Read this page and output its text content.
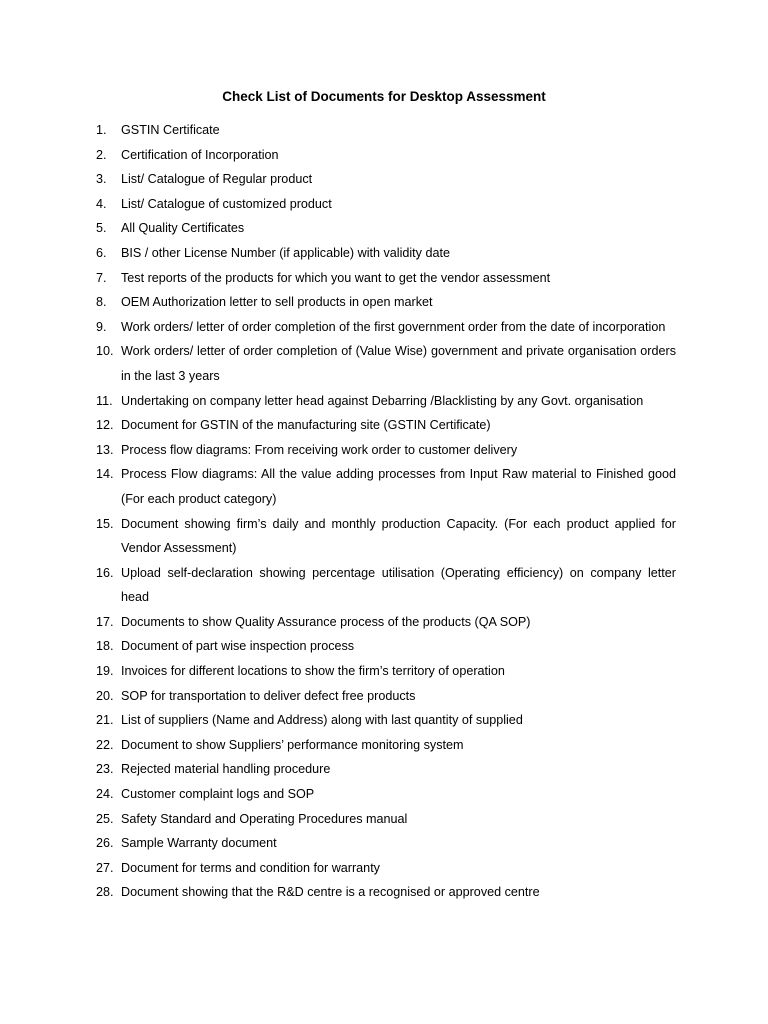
Check List of Documents for Desktop Assessment
1.	GSTIN Certificate
2.	Certification of Incorporation
3.	List/ Catalogue of Regular product
4.	List/ Catalogue of customized product
5.	All Quality Certificates
6.	BIS / other License Number (if applicable) with validity date
7.	Test reports of the products for which you want to get the vendor assessment
8.	OEM Authorization letter to sell products in open market
9.	Work orders/ letter of order completion of the first government order from the date of incorporation
10. Work orders/ letter of order completion of (Value Wise) government and private organisation orders in the last 3 years
11. Undertaking on company letter head against Debarring /Blacklisting by any Govt. organisation
12. Document for GSTIN of the manufacturing site (GSTIN Certificate)
13. Process flow diagrams: From receiving work order to customer delivery
14. Process Flow diagrams: All the value adding processes from Input Raw material to Finished good (For each product category)
15. Document showing firm’s daily and monthly production Capacity. (For each product applied for Vendor Assessment)
16. Upload self-declaration showing percentage utilisation (Operating efficiency) on company letter head
17. Documents to show Quality Assurance process of the products (QA SOP)
18. Document of part wise inspection process
19. Invoices for different locations to show the firm’s territory of operation
20. SOP for transportation to deliver defect free products
21. List of suppliers (Name and Address) along with last quantity of supplied
22. Document to show Suppliers’ performance monitoring system
23. Rejected material handling procedure
24. Customer complaint logs and SOP
25. Safety Standard and Operating Procedures manual
26. Sample Warranty document
27. Document for terms and condition for warranty
28. Document showing that the R&D centre is a recognised or approved centre
